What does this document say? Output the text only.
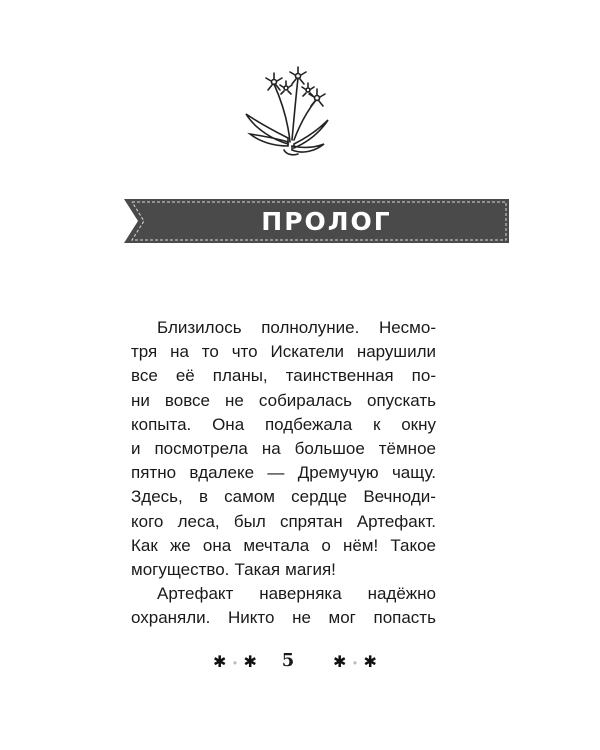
ПРОЛОГ
Близилось полнолуние. Несмо-
тря на то что Искатели нарушили
все её планы, таинственная по-
ни вовсе не собиралась опускать
копыта. Она подбежала к окну
и посмотрела на большое тёмное
пятно вдалеке — Дремучую чащу.
Здесь, в самом сердце Вечноди-
кого леса, был спрятан Артефакт.
Как же она мечтала о нём! Такое
могущество. Такая магия!
Артефакт наверняка надёжно
охраняли. Никто не мог попасть
✱ • ✱ 5 ✱ • ✱
